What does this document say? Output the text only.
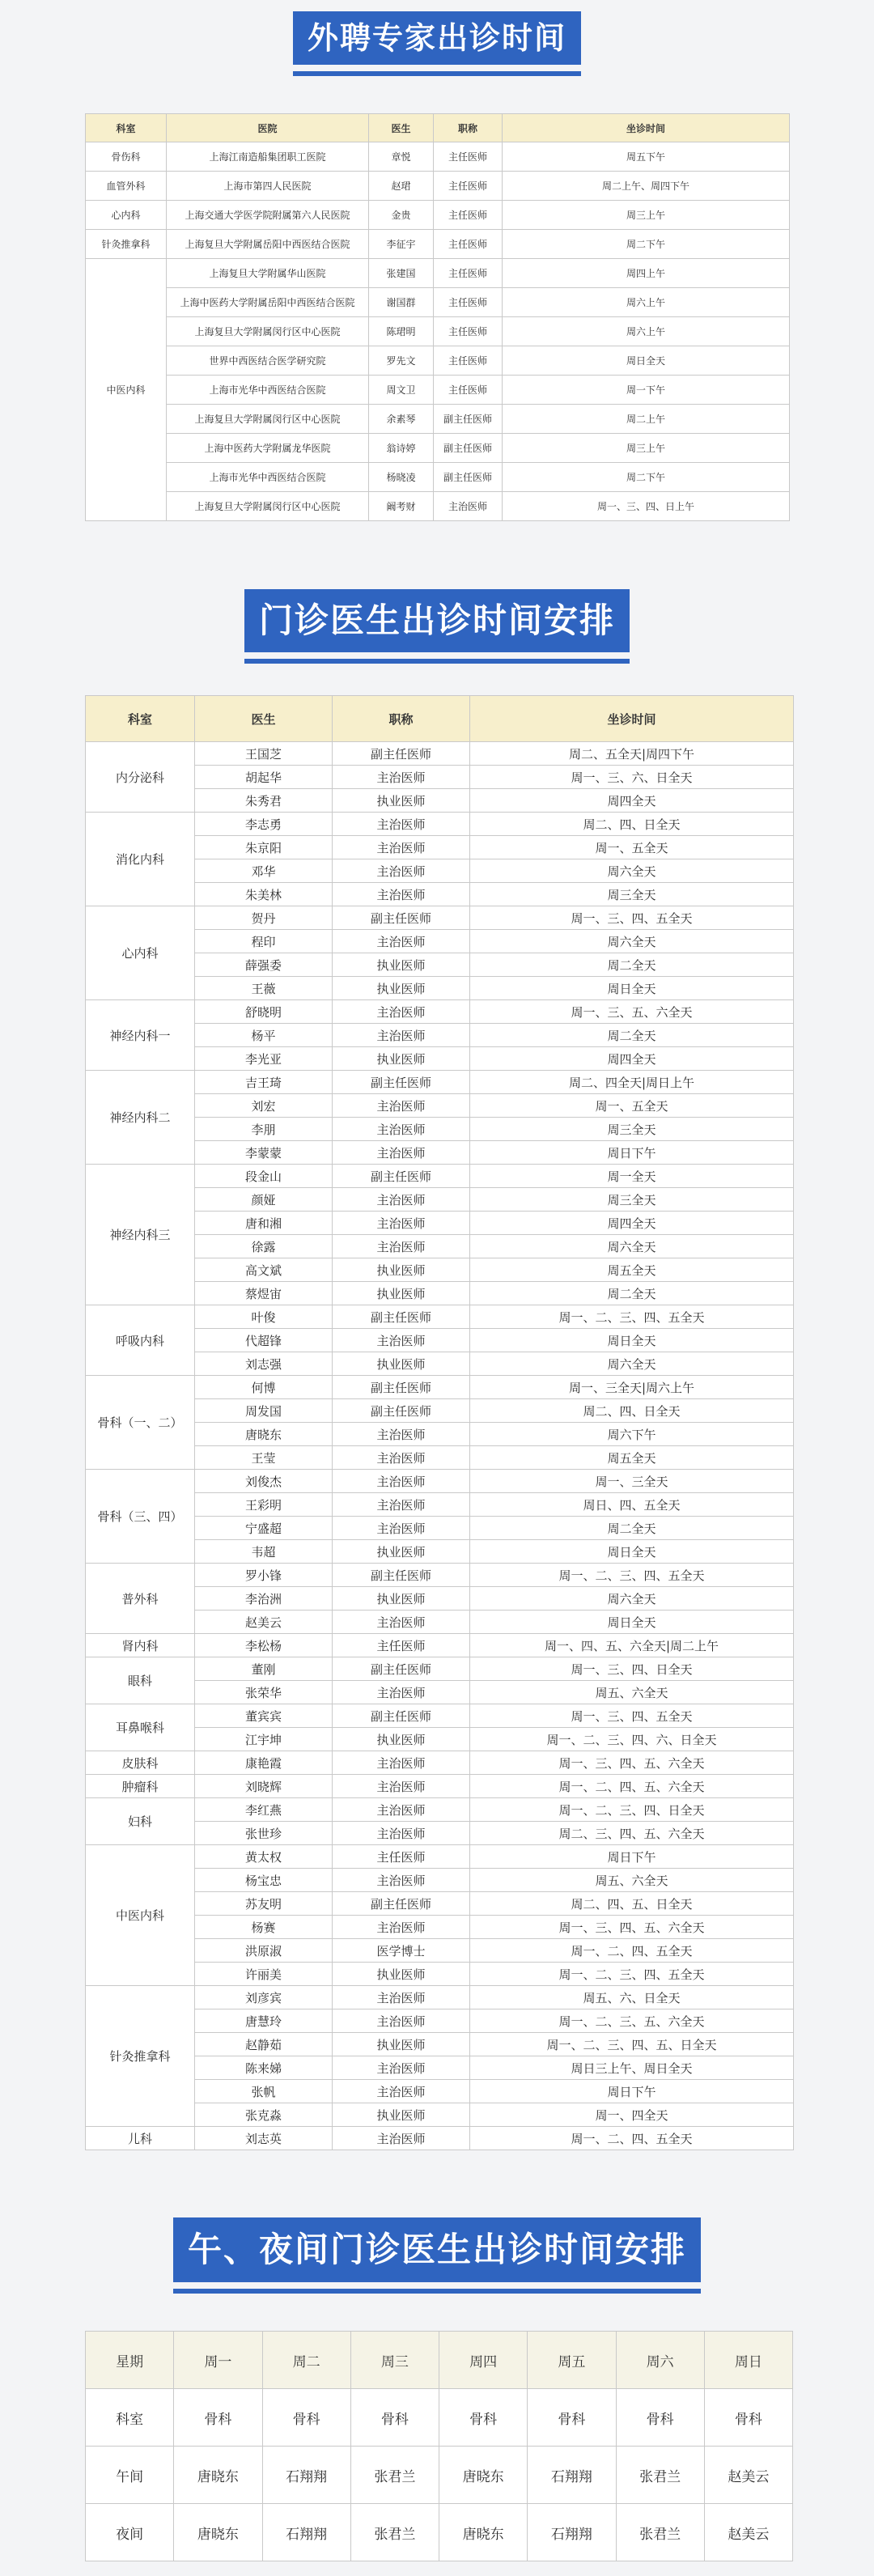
外聘专家出诊时间
科室	医院	医生	职称	坐诊时间
骨伤科	上海江南造船集团职工医院	章悦	主任医师	周五下午
血管外科	上海市第四人民医院	赵珺	主任医师	周二上午、周四下午
心内科	上海交通大学医学院附属第六人民医院	金贵	主任医师	周三上午
针灸推拿科	上海复旦大学附属岳阳中西医结合医院	李征宇	主任医师	周二下午
中医内科	上海复旦大学附属华山医院	张建国	主任医师	周四上午
	上海中医药大学附属岳阳中西医结合医院	谢国群	主任医师	周六上午
	上海复旦大学附属闵行区中心医院	陈珺明	主任医师	周六上午
	世界中西医结合医学研究院	罗先文	主任医师	周日全天
	上海市光华中西医结合医院	周文卫	主任医师	周一下午
	上海复旦大学附属闵行区中心医院	余素琴	副主任医师	周二上午
	上海中医药大学附属龙华医院	翁诗婷	副主任医师	周三上午
	上海市光华中西医结合医院	杨晓凌	副主任医师	周二下午
	上海复旦大学附属闵行区中心医院	阚考财	主治医师	周一、三、四、日上午
门诊医生出诊时间安排
科室	医生	职称	坐诊时间
内分泌科	王国芝	副主任医师	周二、五全天|周四下午
	胡起华	主治医师	周一、三、六、日全天
	朱秀君	执业医师	周四全天
消化内科	李志勇	主治医师	周二、四、日全天
	朱京阳	主治医师	周一、五全天
	邓华	主治医师	周六全天
	朱美林	主治医师	周三全天
心内科	贺丹	副主任医师	周一、三、四、五全天
	程印	主治医师	周六全天
	薛强委	执业医师	周二全天
	王薇	执业医师	周日全天
神经内科一	舒晓明	主治医师	周一、三、五、六全天
	杨平	主治医师	周二全天
	李光亚	执业医师	周四全天
神经内科二	吉王琦	副主任医师	周二、四全天|周日上午
	刘宏	主治医师	周一、五全天
	李朋	主治医师	周三全天
	李蒙蒙	主治医师	周日下午
神经内科三	段金山	副主任医师	周一全天
	颜娅	主治医师	周三全天
	唐和湘	主治医师	周四全天
	徐露	主治医师	周六全天
	高文斌	执业医师	周五全天
	蔡煜宙	执业医师	周二全天
呼吸内科	叶俊	副主任医师	周一、二、三、四、五全天
	代超锋	主治医师	周日全天
	刘志强	执业医师	周六全天
骨科（一、二）	何博	副主任医师	周一、三全天|周六上午
	周发国	副主任医师	周二、四、日全天
	唐晓东	主治医师	周六下午
	王莹	主治医师	周五全天
骨科（三、四）	刘俊杰	主治医师	周一、三全天
	王彩明	主治医师	周日、四、五全天
	宁盛超	主治医师	周二全天
	韦超	执业医师	周日全天
普外科	罗小锋	副主任医师	周一、二、三、四、五全天
	李治洲	执业医师	周六全天
	赵美云	主治医师	周日全天
肾内科	李松杨	主任医师	周一、四、五、六全天|周二上午
眼科	董刚	副主任医师	周一、三、四、日全天
	张荣华	主治医师	周五、六全天
耳鼻喉科	董宾宾	副主任医师	周一、三、四、五全天
	江宇坤	执业医师	周一、二、三、四、六、日全天
皮肤科	康艳霞	主治医师	周一、三、四、五、六全天
肿瘤科	刘晓辉	主治医师	周一、二、四、五、六全天
妇科	李红燕	主治医师	周一、二、三、四、日全天
	张世珍	主治医师	周二、三、四、五、六全天
中医内科	黄太权	主任医师	周日下午
	杨宝忠	主治医师	周五、六全天
	苏友明	副主任医师	周二、四、五、日全天
	杨赛	主治医师	周一、三、四、五、六全天
	洪原淑	医学博士	周一、二、四、五全天
	许丽美	执业医师	周一、二、三、四、五全天
针灸推拿科	刘彦宾	主治医师	周五、六、日全天
	唐慧玲	主治医师	周一、二、三、五、六全天
	赵静茹	执业医师	周一、二、三、四、五、日全天
	陈来娣	主治医师	周日三上午、周日全天
	张帆	主治医师	周日下午
	张克淼	执业医师	周一、四全天
儿科	刘志英	主治医师	周一、二、四、五全天
午、夜间门诊医生出诊时间安排
星期	周一	周二	周三	周四	周五	周六	周日
科室	骨科	骨科	骨科	骨科	骨科	骨科	骨科
午间	唐晓东	石翔翔	张君兰	唐晓东	石翔翔	张君兰	赵美云
夜间	唐晓东	石翔翔	张君兰	唐晓东	石翔翔	张君兰	赵美云
